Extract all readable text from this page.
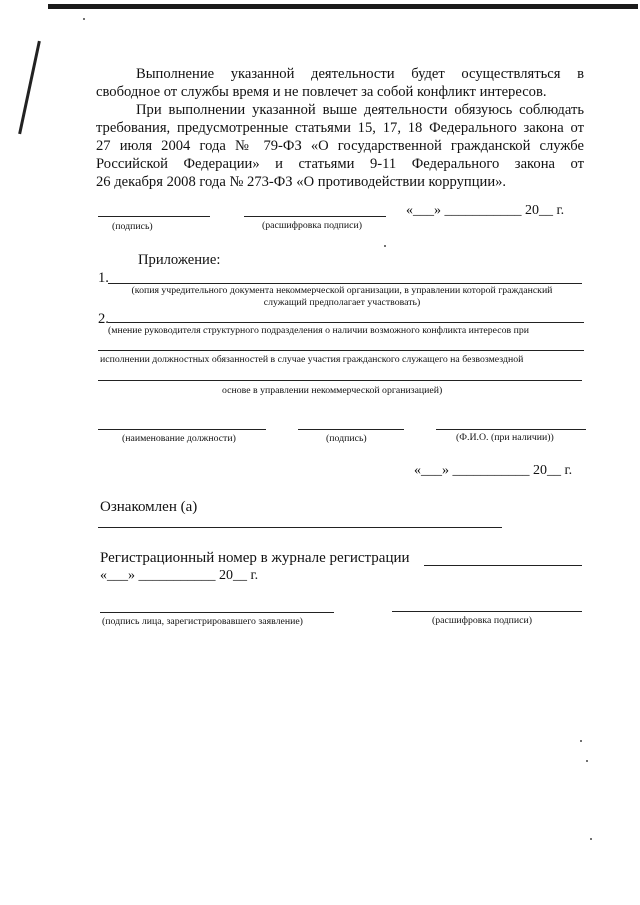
Выполнение указанной деятельности будет осуществляться в
свободное от службы время и не повлечет за собой конфликт интересов.
При выполнении указанной выше деятельности обязуюсь соблюдать
требования, предусмотренные статьями 15, 17, 18 Федерального закона от
27 июля 2004 года № 79-ФЗ «О государственной гражданской службе
Российской Федерации» и статьями 9-11 Федерального закона от
26 декабря 2008 года № 273-ФЗ «О противодействии коррупции».
«___» ___________ 20__ г.
(подпись)	(расшифровка подписи)
Приложение:
1.
(копия учредительного документа некоммерческой организации, в управлении которой гражданский
служащий предполагает участвовать)
2.
(мнение руководителя структурного подразделения о наличии возможного конфликта интересов при
исполнении должностных обязанностей в случае участия гражданского служащего на безвозмездной
основе в управлении некоммерческой организацией)
(наименование должности)	(подпись)	(Ф.И.О. (при наличии))
«___» ___________ 20__ г.
Ознакомлен (а)
Регистрационный номер в журнале регистрации
«___» ___________ 20__ г.
(подпись лица, зарегистрировавшего заявление)	(расшифровка подписи)
